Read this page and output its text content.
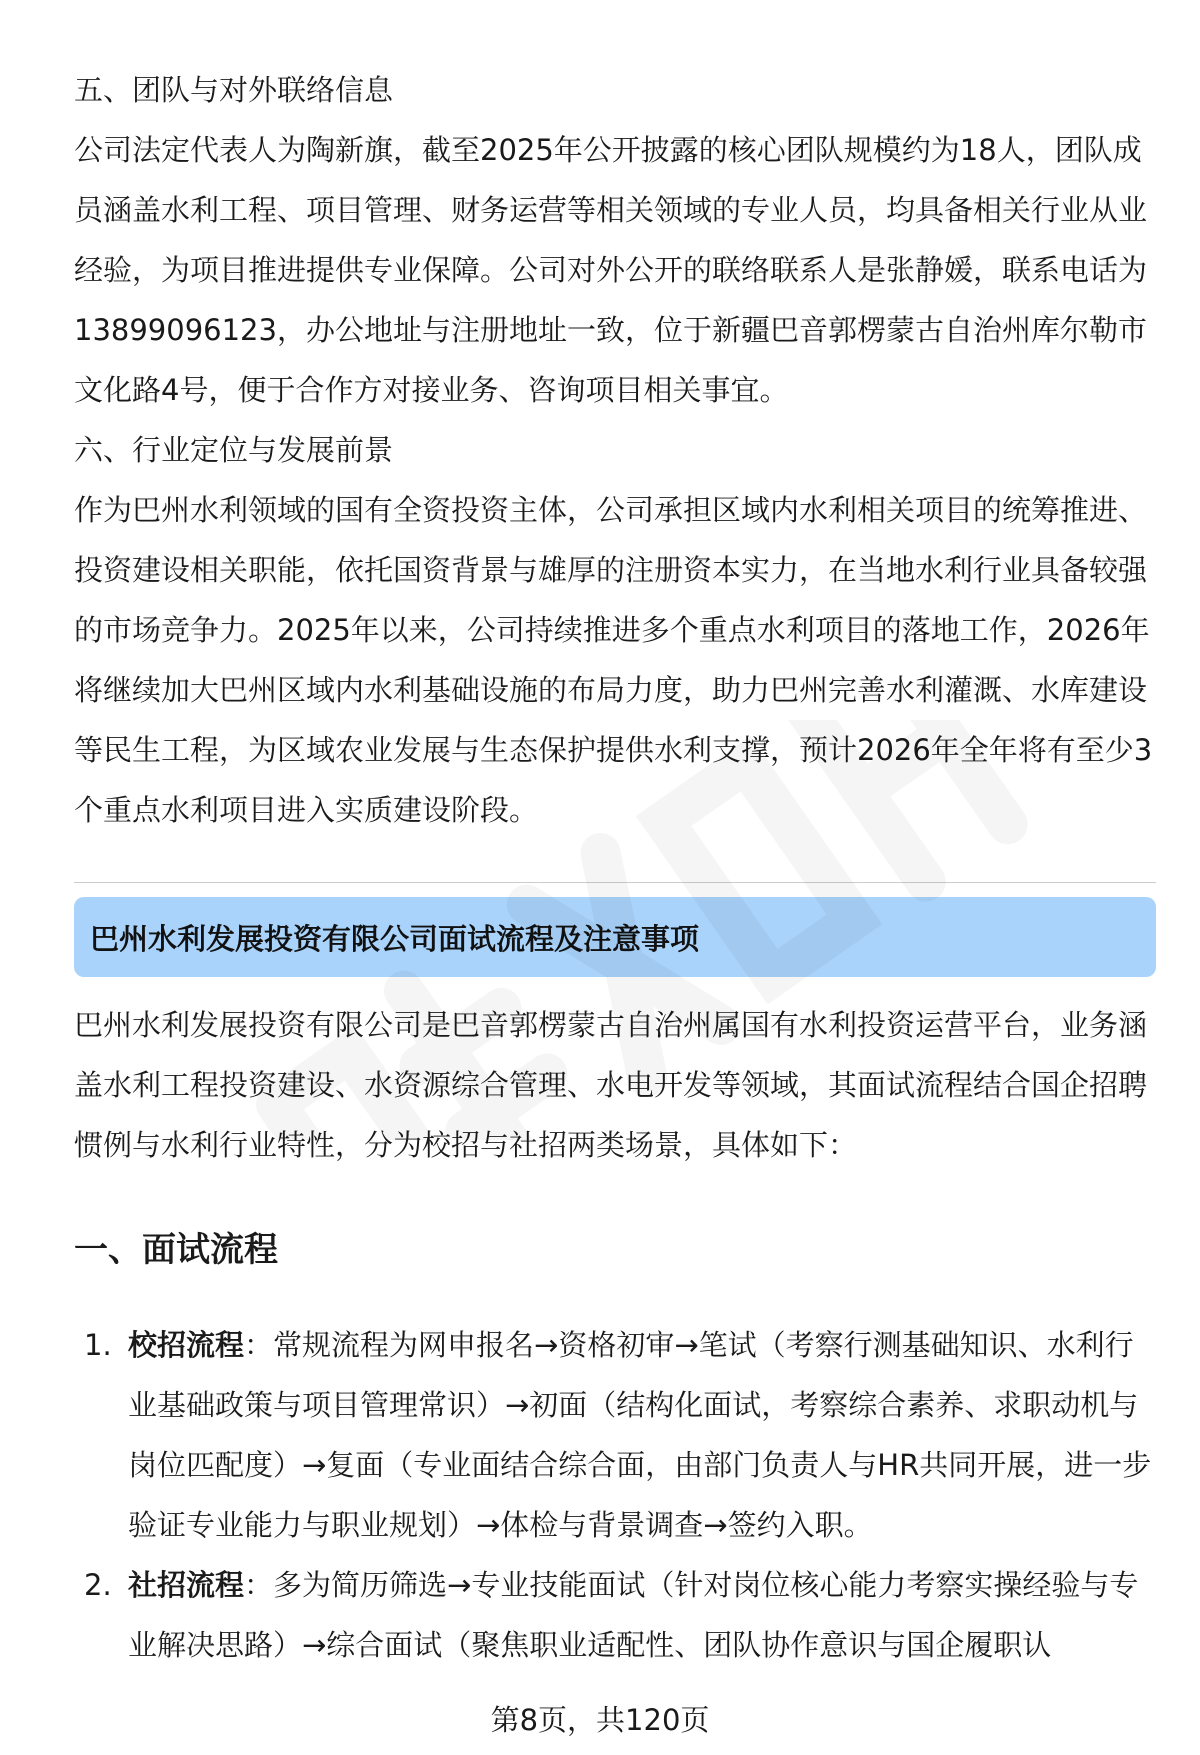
五、团队与对外联络信息

公司法定代表人为陶新旗，截至2025年公开披露的核心团队规模约为18人，团队成员涵盖水利工程、项目管理、财务运营等相关领域的专业人员，均具备相关行业从业经验，为项目推进提供专业保障。公司对外公开的联络联系人是张静媛，联系电话为13899096123，办公地址与注册地址一致，位于新疆巴音郭楞蒙古自治州库尔勒市文化路4号，便于合作方对接业务、咨询项目相关事宜。

六、行业定位与发展前景

作为巴州水利领域的国有全资投资主体，公司承担区域内水利相关项目的统筹推进、投资建设相关职能，依托国资背景与雄厚的注册资本实力，在当地水利行业具备较强的市场竞争力。2025年以来，公司持续推进多个重点水利项目的落地工作，2026年将继续加大巴州区域内水利基础设施的布局力度，助力巴州完善水利灌溉、水库建设等民生工程，为区域农业发展与生态保护提供水利支撑，预计2026年全年将有至少3个重点水利项目进入实质建设阶段。

巴州水利发展投资有限公司面试流程及注意事项

巴州水利发展投资有限公司是巴音郭楞蒙古自治州属国有水利投资运营平台，业务涵盖水利工程投资建设、水资源综合管理、水电开发等领域，其面试流程结合国企招聘惯例与水利行业特性，分为校招与社招两类场景，具体如下：

一、面试流程
1. 校招流程：常规流程为网申报名→资格初审→笔试（考察行测基础知识、水利行业基础政策与项目管理常识）→初面（结构化面试，考察综合素养、求职动机与岗位匹配度）→复面（专业面结合综合面，由部门负责人与HR共同开展，进一步验证专业能力与职业规划）→体检与背景调查→签约入职。
2. 社招流程：多为简历筛选→专业技能面试（针对岗位核心能力考察实操经验与专业解决思路）→综合面试（聚焦职业适配性、团队协作意识与国企履职认
第8页，共120页
